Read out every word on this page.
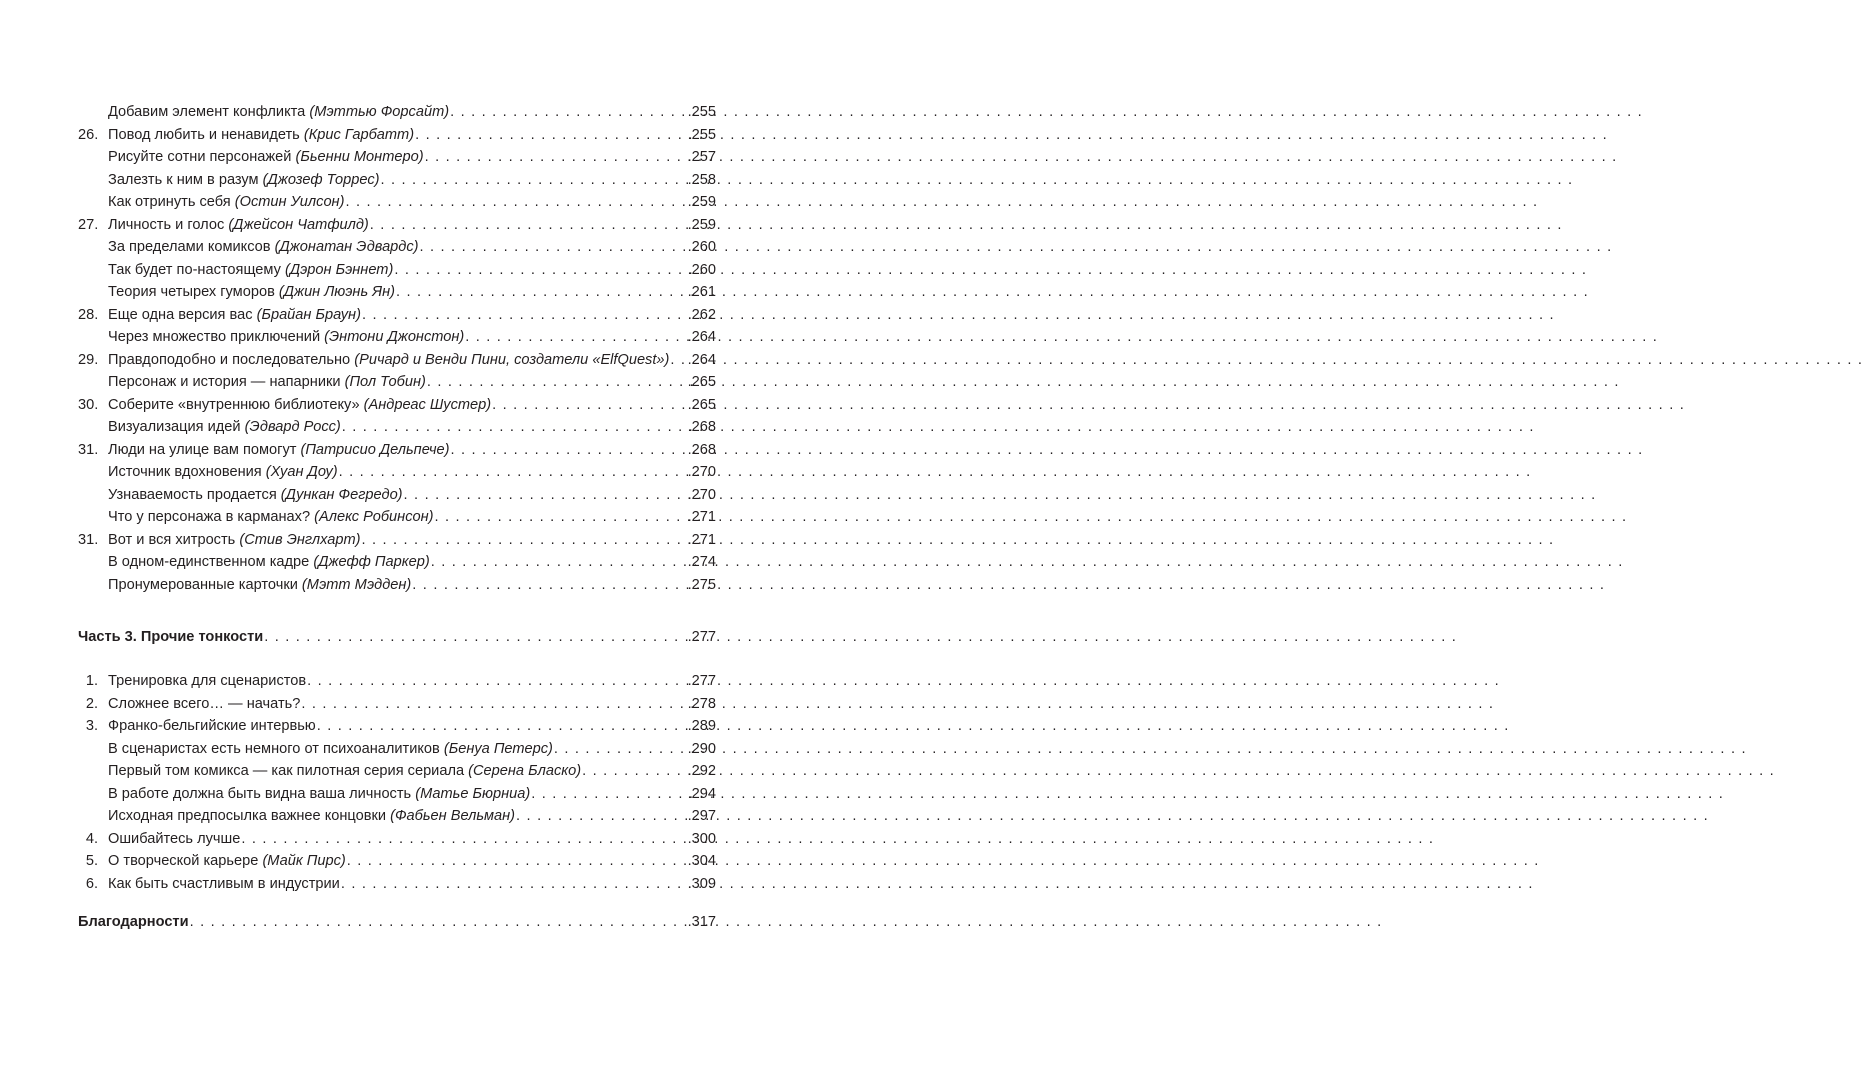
Добавим элемент конфликта (Мэттью Форсайт) . . .	.255
26. Повод любить и ненавидеть (Крис Гарбатт) . . .	.255
Рисуйте сотни персонажей (Бьенни Монтеро) . . .	.257
Залезть к ним в разум (Джозеф Торрес) . . .	.258
Как отринуть себя (Остин Уилсон) . . .	.259
27. Личность и голос (Джейсон Чатфилд) . . .	.259
За пределами комиксов (Джонатан Эдвардс) . . .	.260
Так будет по-настоящему (Дэрон Бэннет) . . .	.260
Теория четырех гуморов (Джин Люэнь Ян) . . .	.261
28. Еще одна версия вас (Брайан Браун) . . .	.262
Через множество приключений (Энтони Джонстон) . . .	.264
29. Правдоподобно и последовательно (Ричард и Венди Пини, создатели «ElfQuest») . . . .264
Персонаж и история — напарники (Пол Тобин) . . .	.265
30. Соберите «внутреннюю библиотеку» (Андреас Шустер) . . .	.265
Визуализация идей (Эдвард Росс) . . .	.268
31. Люди на улице вам помогут (Патрисио Дельпече) . . .	.268
Источник вдохновения (Хуан Доу) . . .	.270
Узнаваемость продается (Дункан Фегредо) . . .	.270
Что у персонажа в карманах? (Алекс Робинсон) . . .	.271
31. Вот и вся хитрость (Стив Энглхарт) . . .	.271
В одном-единственном кадре (Джефф Паркер) . . .	.274
Пронумерованные карточки (Мэтт Мэдден) . . .	.275
Часть 3. Прочие тонкости . . .	.277
1. Тренировка для сценаристов . . .	.277
2. Сложнее всего… — начать? . . .	.278
3. Франко-бельгийские интервью . . .	.289
В сценаристах есть немного от психоаналитиков (Бенуа Петерс) . . .	.290
Первый том комикса — как пилотная серия сериала (Серена Бласко) . . .	.292
В работе должна быть видна ваша личность (Матье Бюрниа) . . .	.294
Исходная предпосылка важнее концовки (Фабьен Вельман) . . .	.297
4. Ошибайтесь лучше . . .	.300
5. О творческой карьере (Майк Пирс) . . .	.304
6. Как быть счастливым в индустрии . . .	.309
Благодарности . . .	.317
